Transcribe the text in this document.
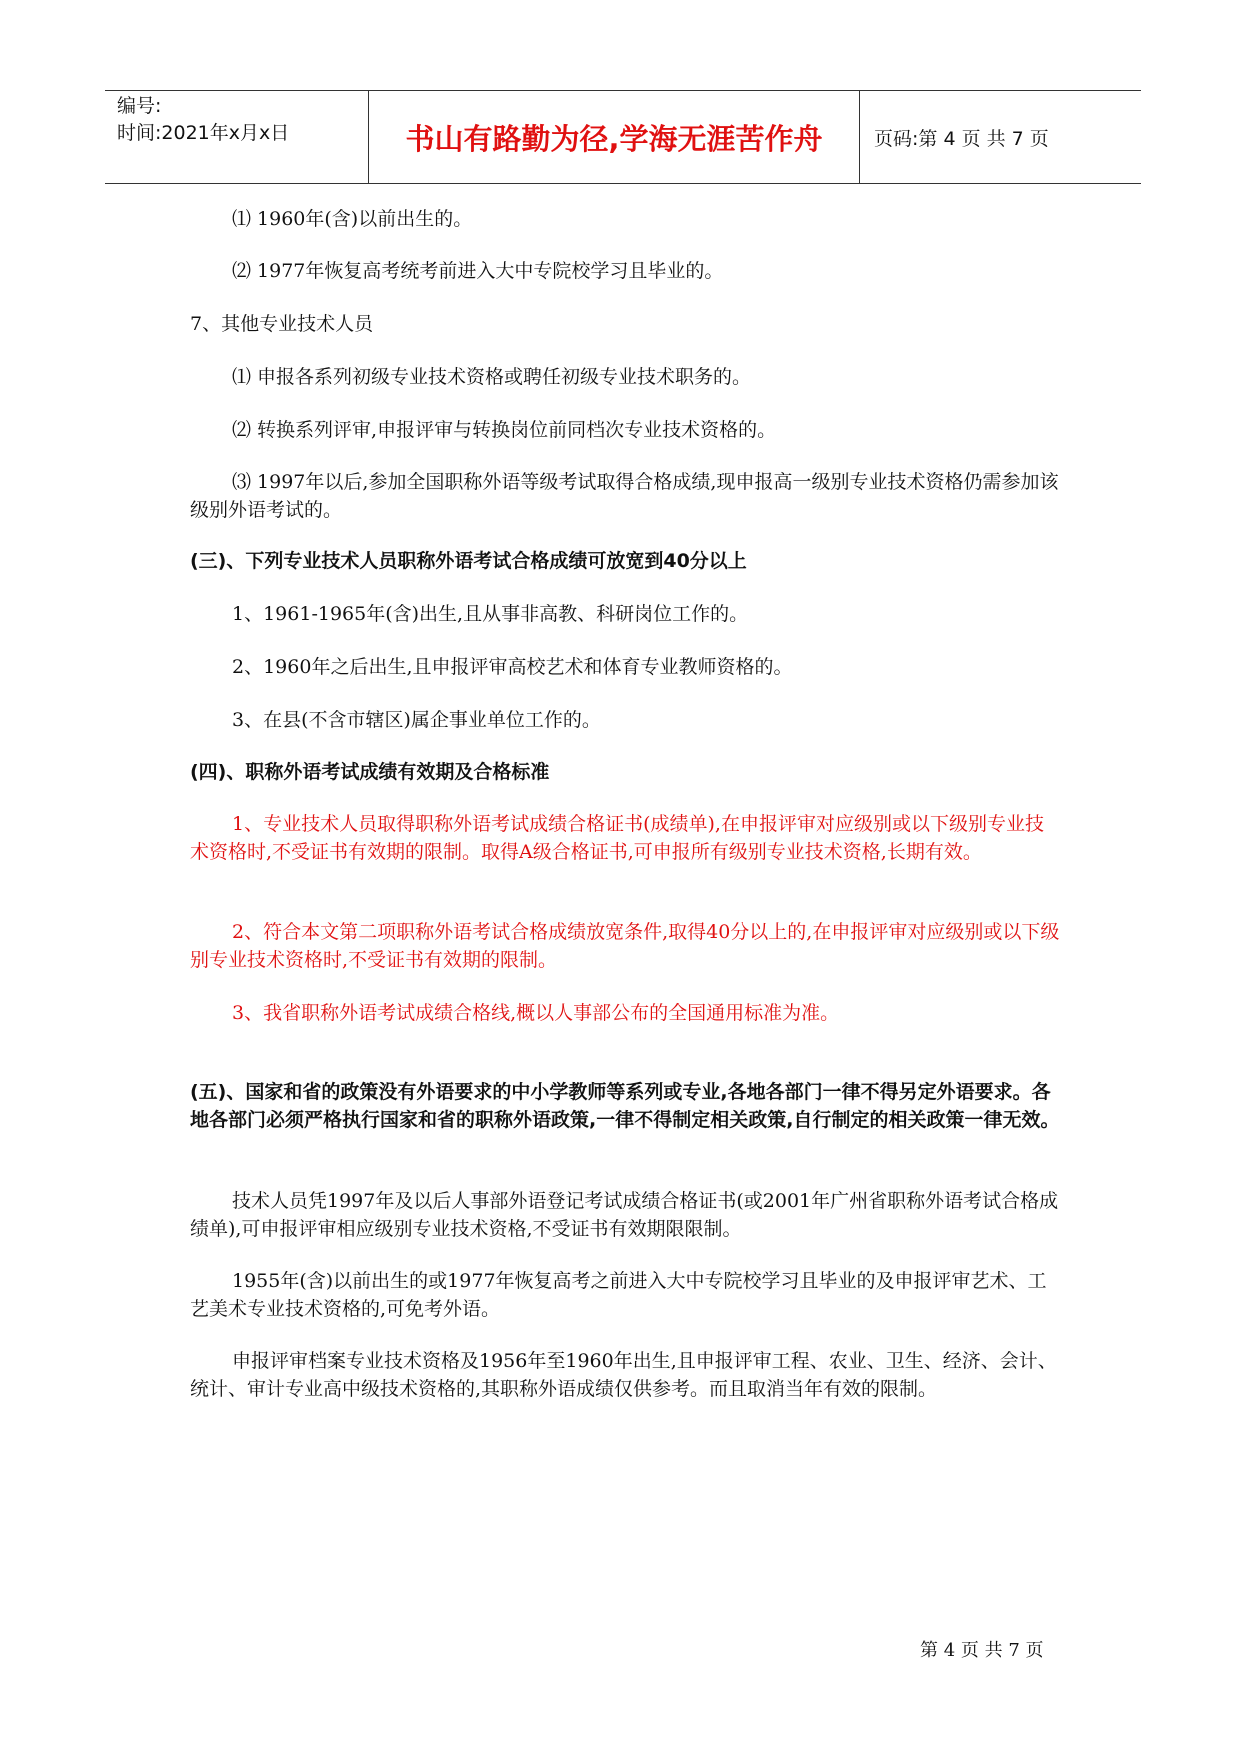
编号:
时间:2021年x月x日	书山有路勤为径,学海无涯苦作舟	页码:第 4 页 共 7 页

⑴ 1960年(含)以前出生的。

⑵ 1977年恢复高考统考前进入大中专院校学习且毕业的。

7、其他专业技术人员

⑴ 申报各系列初级专业技术资格或聘任初级专业技术职务的。

⑵ 转换系列评审,申报评审与转换岗位前同档次专业技术资格的。

⑶ 1997年以后,参加全国职称外语等级考试取得合格成绩,现申报高一级别专业技术资格仍需参加该级别外语考试的。

(三)、下列专业技术人员职称外语考试合格成绩可放宽到40分以上

1、1961-1965年(含)出生,且从事非高教、科研岗位工作的。

2、1960年之后出生,且申报评审高校艺术和体育专业教师资格的。

3、在县(不含市辖区)属企事业单位工作的。

(四)、职称外语考试成绩有效期及合格标准

1、专业技术人员取得职称外语考试成绩合格证书(成绩单),在申报评审对应级别或以下级别专业技术资格时,不受证书有效期的限制。取得A级合格证书,可申报所有级别专业技术资格,长期有效。

2、符合本文第二项职称外语考试合格成绩放宽条件,取得40分以上的,在申报评审对应级别或以下级别专业技术资格时,不受证书有效期的限制。

3、我省职称外语考试成绩合格线,概以人事部公布的全国通用标准为准。

(五)、国家和省的政策没有外语要求的中小学教师等系列或专业,各地各部门一律不得另定外语要求。各地各部门必须严格执行国家和省的职称外语政策,一律不得制定相关政策,自行制定的相关政策一律无效。

技术人员凭1997年及以后人事部外语登记考试成绩合格证书(或2001年广州省职称外语考试合格成绩单),可申报评审相应级别专业技术资格,不受证书有效期限限制。

1955年(含)以前出生的或1977年恢复高考之前进入大中专院校学习且毕业的及申报评审艺术、工艺美术专业技术资格的,可免考外语。

申报评审档案专业技术资格及1956年至1960年出生,且申报评审工程、农业、卫生、经济、会计、统计、审计专业高中级技术资格的,其职称外语成绩仅供参考。而且取消当年有效的限制。

第 4 页 共 7 页
